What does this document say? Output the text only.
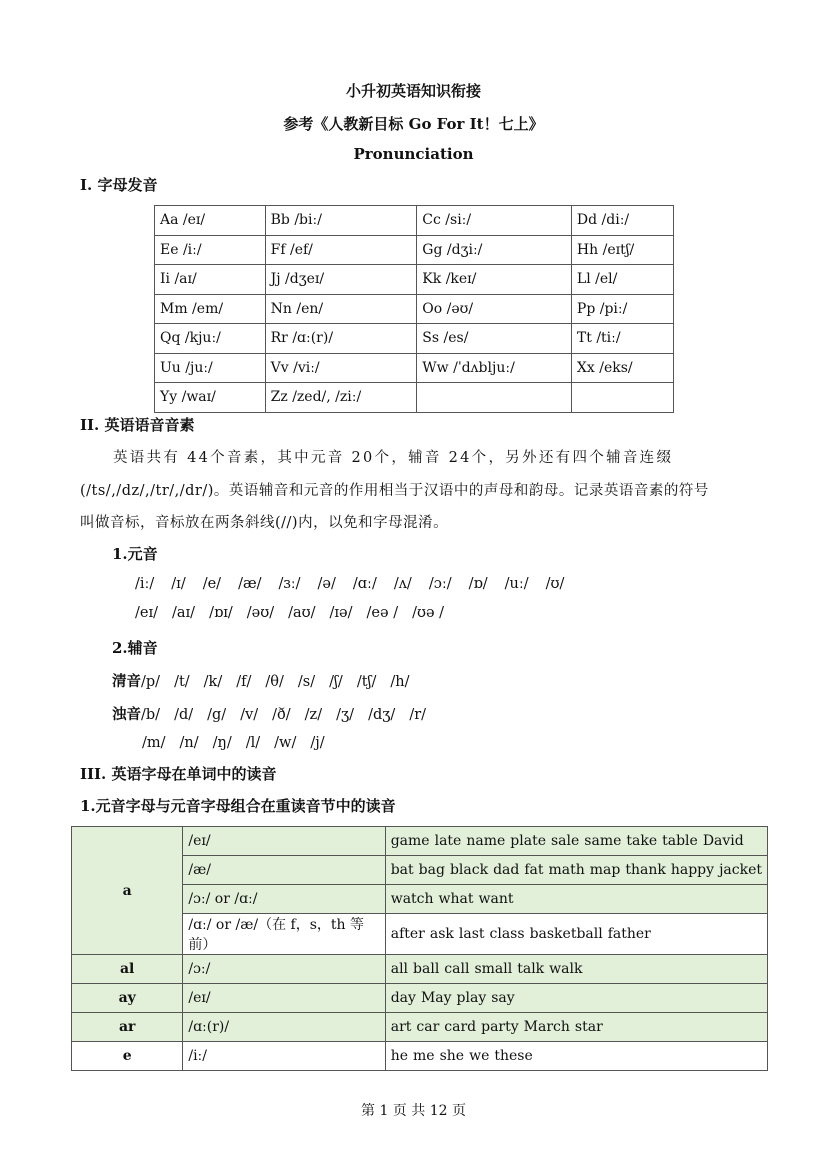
小升初英语知识衔接
参考《人教新目标 Go For It！七上》
Pronunciation
I. 字母发音
Aa /eɪ/	Bb /biː/	Cc /siː/	Dd /diː/
Ee /iː/	Ff /ef/	Gg /dʒiː/	Hh /eɪtʃ/
Ii /aɪ/	Jj /dʒeɪ/	Kk /keɪ/	Ll /el/
Mm /em/	Nn /en/	Oo /əʊ/	Pp /piː/
Qq /kjuː/	Rr /ɑː(r)/	Ss /es/	Tt /tiː/
Uu /juː/	Vv /viː/	Ww /ˈdʌbljuː/	Xx /eks/
Yy /waɪ/	Zz /zed/, /ziː/		
II. 英语语音音素
英语共有 44个音素，其中元音 20个，辅音 24个，另外还有四个辅音连缀
(/ts/,/dz/,/tr/,/dr/)。英语辅音和元音的作用相当于汉语中的声母和韵母。记录英语音素的符号
叫做音标，音标放在两条斜线(//)内，以免和字母混淆。
1.元音
/iː/ /ɪ/ /e/ /æ/ /ɜː/ /ə/ /ɑː/ /ʌ/ /ɔː/ /ɒ/ /uː/ /ʊ/
/eɪ/ /aɪ/ /ɒɪ/ /əʊ/ /aʊ/ /ɪə/ /eə / /ʊə /
2.辅音
清音/p/ /t/ /k/ /f/ /θ/ /s/ /ʃ/ /tʃ/ /h/
浊音/b/ /d/ /g/ /v/ /ð/ /z/ /ʒ/ /dʒ/ /r/
/m/ /n/ /ŋ/ /l/ /w/ /j/
III. 英语字母在单词中的读音
1.元音字母与元音字母组合在重读音节中的读音
a	/eɪ/	game late name plate sale same take table David
	/æ/	bat bag black dad fat math map thank happy jacket
	/ɔː/ or /ɑː/	watch what want
	/ɑː/ or /æ/（在 f，s，th 等前）	after ask last class basketball father
al	/ɔː/	all ball call small talk walk
ay	/eɪ/	day May play say
ar	/ɑː(r)/	art car card party March star
e	/iː/	he me she we these
第 1 页 共 12 页
